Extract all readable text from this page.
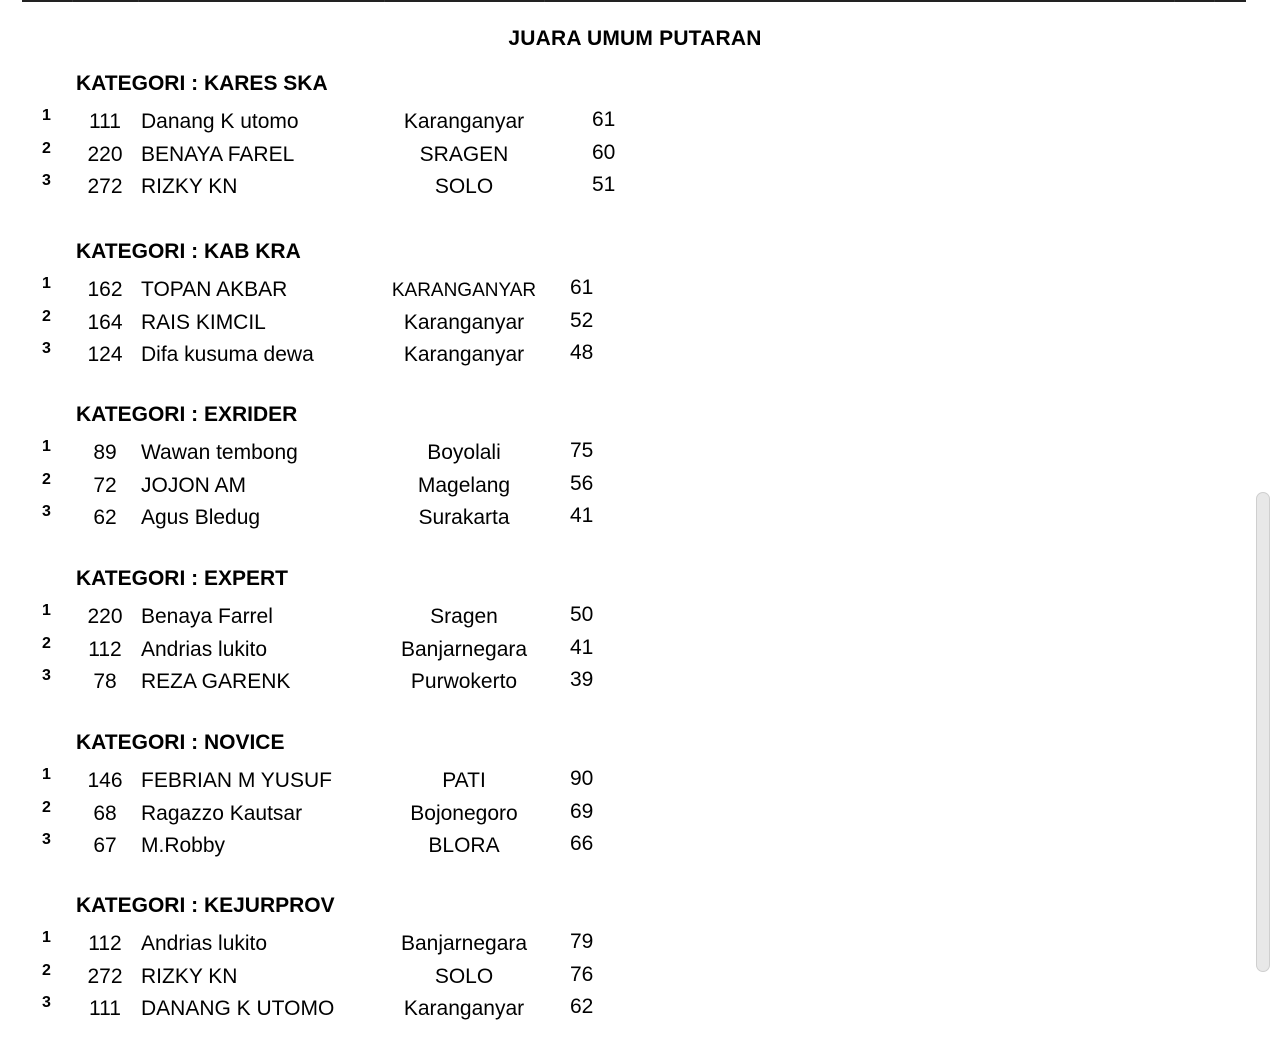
JUARA UMUM PUTARAN
KATEGORI : KARES SKA
1	111 Danang K utomo	Karanganyar	61
2	220 BENAYA FAREL	SRAGEN	60
3	272 RIZKY KN	SOLO	51
KATEGORI : KAB KRA
1	162 TOPAN AKBAR	KARANGANYAR	61
2	164 RAIS KIMCIL	Karanganyar	52
3	124 Difa kusuma dewa	Karanganyar	48
KATEGORI : EXRIDER
1	89	Wawan tembong	Boyolali	75
2	72	JOJON AM	Magelang	56
3	62	Agus Bledug	Surakarta	41
KATEGORI : EXPERT
1	220 Benaya Farrel	Sragen	50
2	112 Andrias lukito	Banjarnegara	41
3	78	REZA GARENK	Purwokerto	39
KATEGORI : NOVICE
1	146 FEBRIAN M YUSUF	PATI	90
2	68	Ragazzo Kautsar	Bojonegoro	69
3	67	M.Robby	BLORA	66
KATEGORI : KEJURPROV
1	112 Andrias lukito	Banjarnegara	79
2	272 RIZKY KN	SOLO	76
3	111 DANANG K UTOMO	Karanganyar	62
